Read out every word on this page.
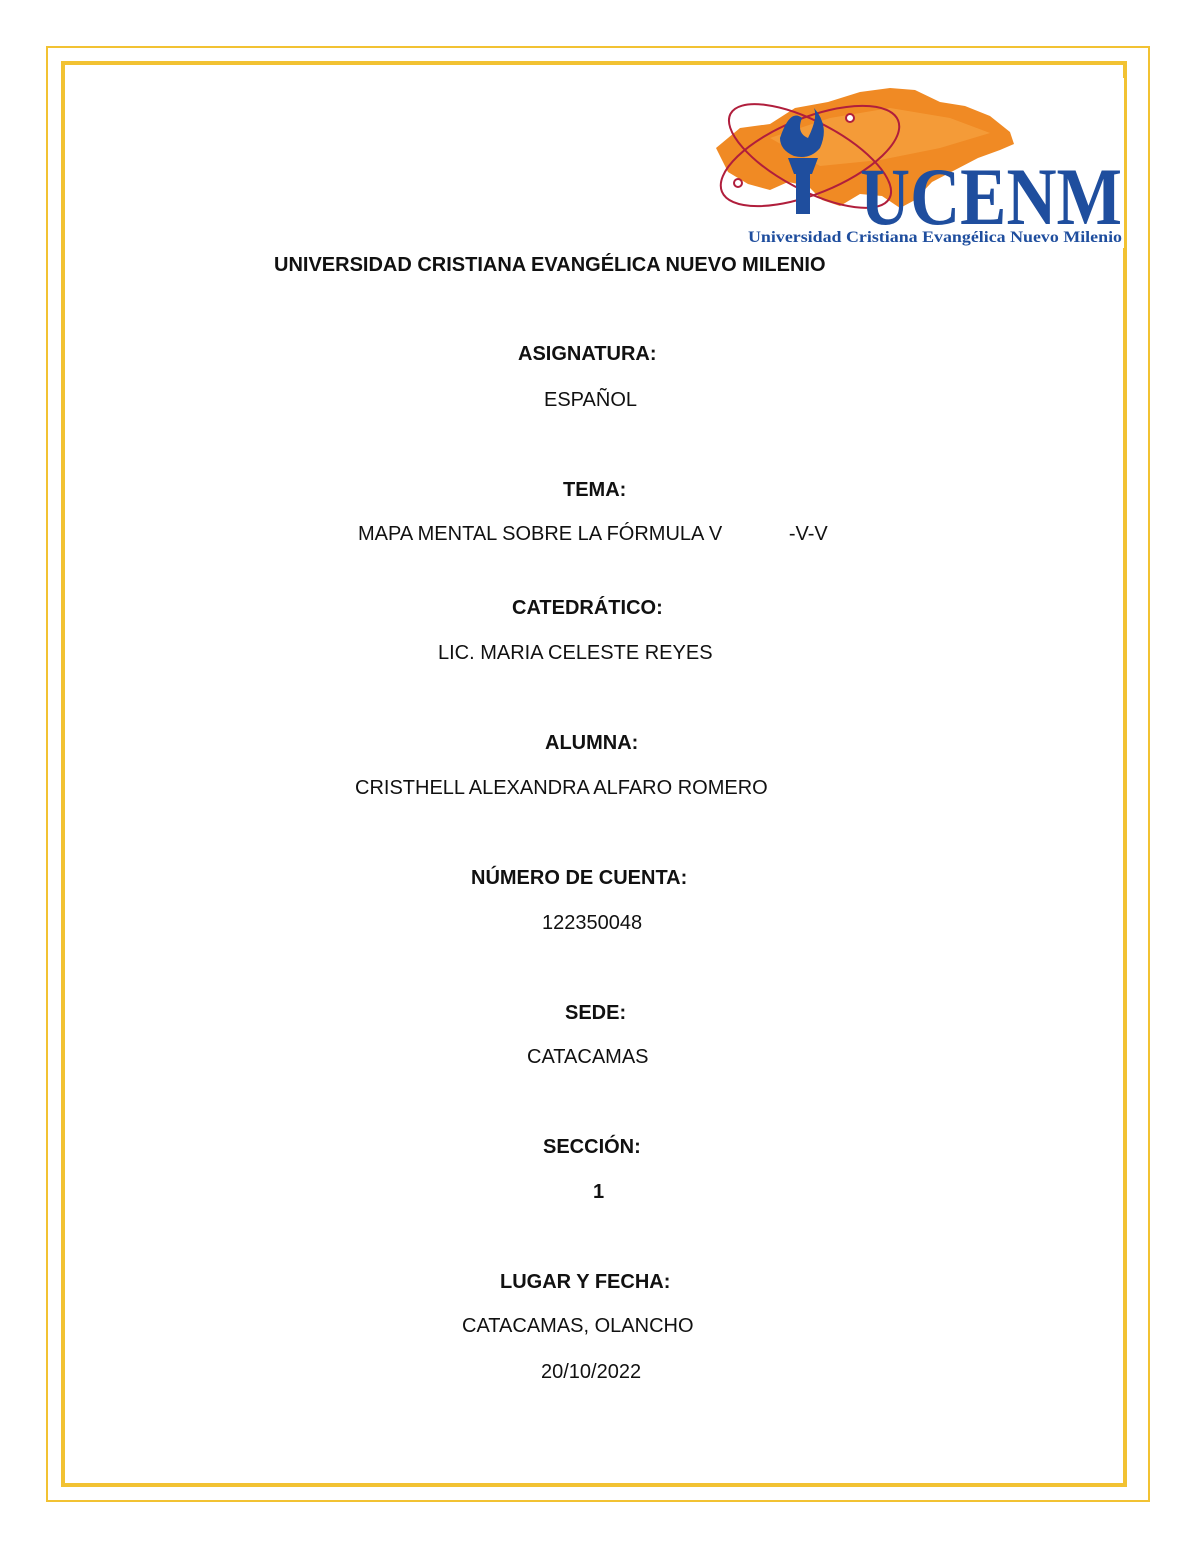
UCENM
Universidad Cristiana Evangélica Nuevo Milenio
UNIVERSIDAD CRISTIANA EVANGÉLICA NUEVO MILENIO
ASIGNATURA:
ESPAÑOL
TEMA:
MAPA MENTAL SOBRE LA FÓRMULA V            -V-V
CATEDRÁTICO:
LIC. MARIA CELESTE REYES
ALUMNA:
CRISTHELL ALEXANDRA ALFARO ROMERO
NÚMERO DE CUENTA:
122350048
SEDE:
CATACAMAS
SECCIÓN:
1
LUGAR Y FECHA:
CATACAMAS, OLANCHO
20/10/2022
